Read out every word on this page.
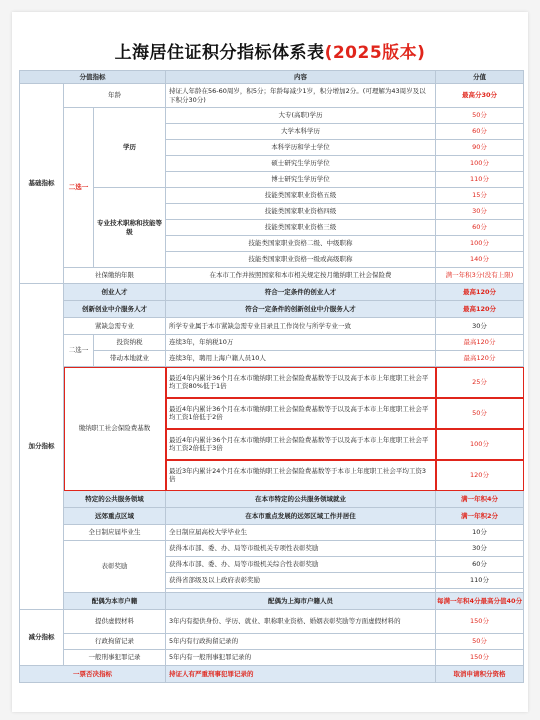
上海居住证积分指标体系表(2025版本)
分值指标			内容	分值
基础指标	年龄		持证人年龄在56-60周岁，积5分；年龄每减少1岁，积分增加2分。(可理解为43周岁及以下积分30分)	最高分30分
	二选一	学历	大专(高职)学历	50分
			大学本科学历	60分
			本科学历和学士学位	90分
			硕士研究生学历学位	100分
			博士研究生学历学位	110分
		专业技术职称和技能等级	技能类国家职业资格五级	15分
			技能类国家职业资格四级	30分
			技能类国家职业资格三级	60分
			技能类国家职业资格二级、中级职称	100分
			技能类国家职业资格一级或高级职称	140分
	社保缴纳年限		在本市工作并按照国家和本市相关规定按月缴纳职工社会保险费	满一年积3分(没有上限)
加分指标	创业人才		符合一定条件的创业人才	最高120分
	创新创业中介服务人才		符合一定条件的创新创业中介服务人才	最高120分
	紧缺急需专业		所学专业属于本市紧缺急需专业目录且工作岗位与所学专业一致	30分
	二选一	投资纳税	连续3年，年纳税10万	最高120分
		带动本地就业	连续3年，聘用上海户籍人员10人	最高120分
	缴纳职工社会保险费基数		最近4年内累计36个月在本市缴纳职工社会保险费基数等于以及高于本市上年度职工社会平均工资80%低于1倍	25分
			最近4年内累计36个月在本市缴纳职工社会保险费基数等于以及高于本市上年度职工社会平均工资1倍低于2倍	50分
			最近4年内累计36个月在本市缴纳职工社会保险费基数等于以及高于本市上年度职工社会平均工资2倍低于3倍	100分
			最近3年内累计24个月在本市缴纳职工社会保险费基数等于本市上年度职工社会平均工资3倍	120分
	特定的公共服务领域		在本市特定的公共服务领域就业	满一年积4分
	远郊重点区域		在本市重点发展的远郊区域工作并居住	满一年积2分
	全日制应届毕业生		全日制应届高校大学毕业生	10分
	表彰奖励		获得本市部、委、办、局等市级机关专项性表彰奖励	30分
			获得本市部、委、办、局等市级机关综合性表彰奖励	60分
			获得省部级及以上政府表彰奖励	110分

	配偶为本市户籍		配偶为上海市户籍人员	每满一年积4分最高分值40分
减分指标	提供虚假材料		3年内有提供身份、学历、就业、职称职业资格、婚姻表彰奖励等方面虚假材料的	150分
	行政拘留记录		5年内有行政拘留记录的	50分
	一般刑事犯罪记录		5年内有一般刑事犯罪记录的	150分
一票否决指标			持证人有严重刑事犯罪记录的	取消申请积分资格
